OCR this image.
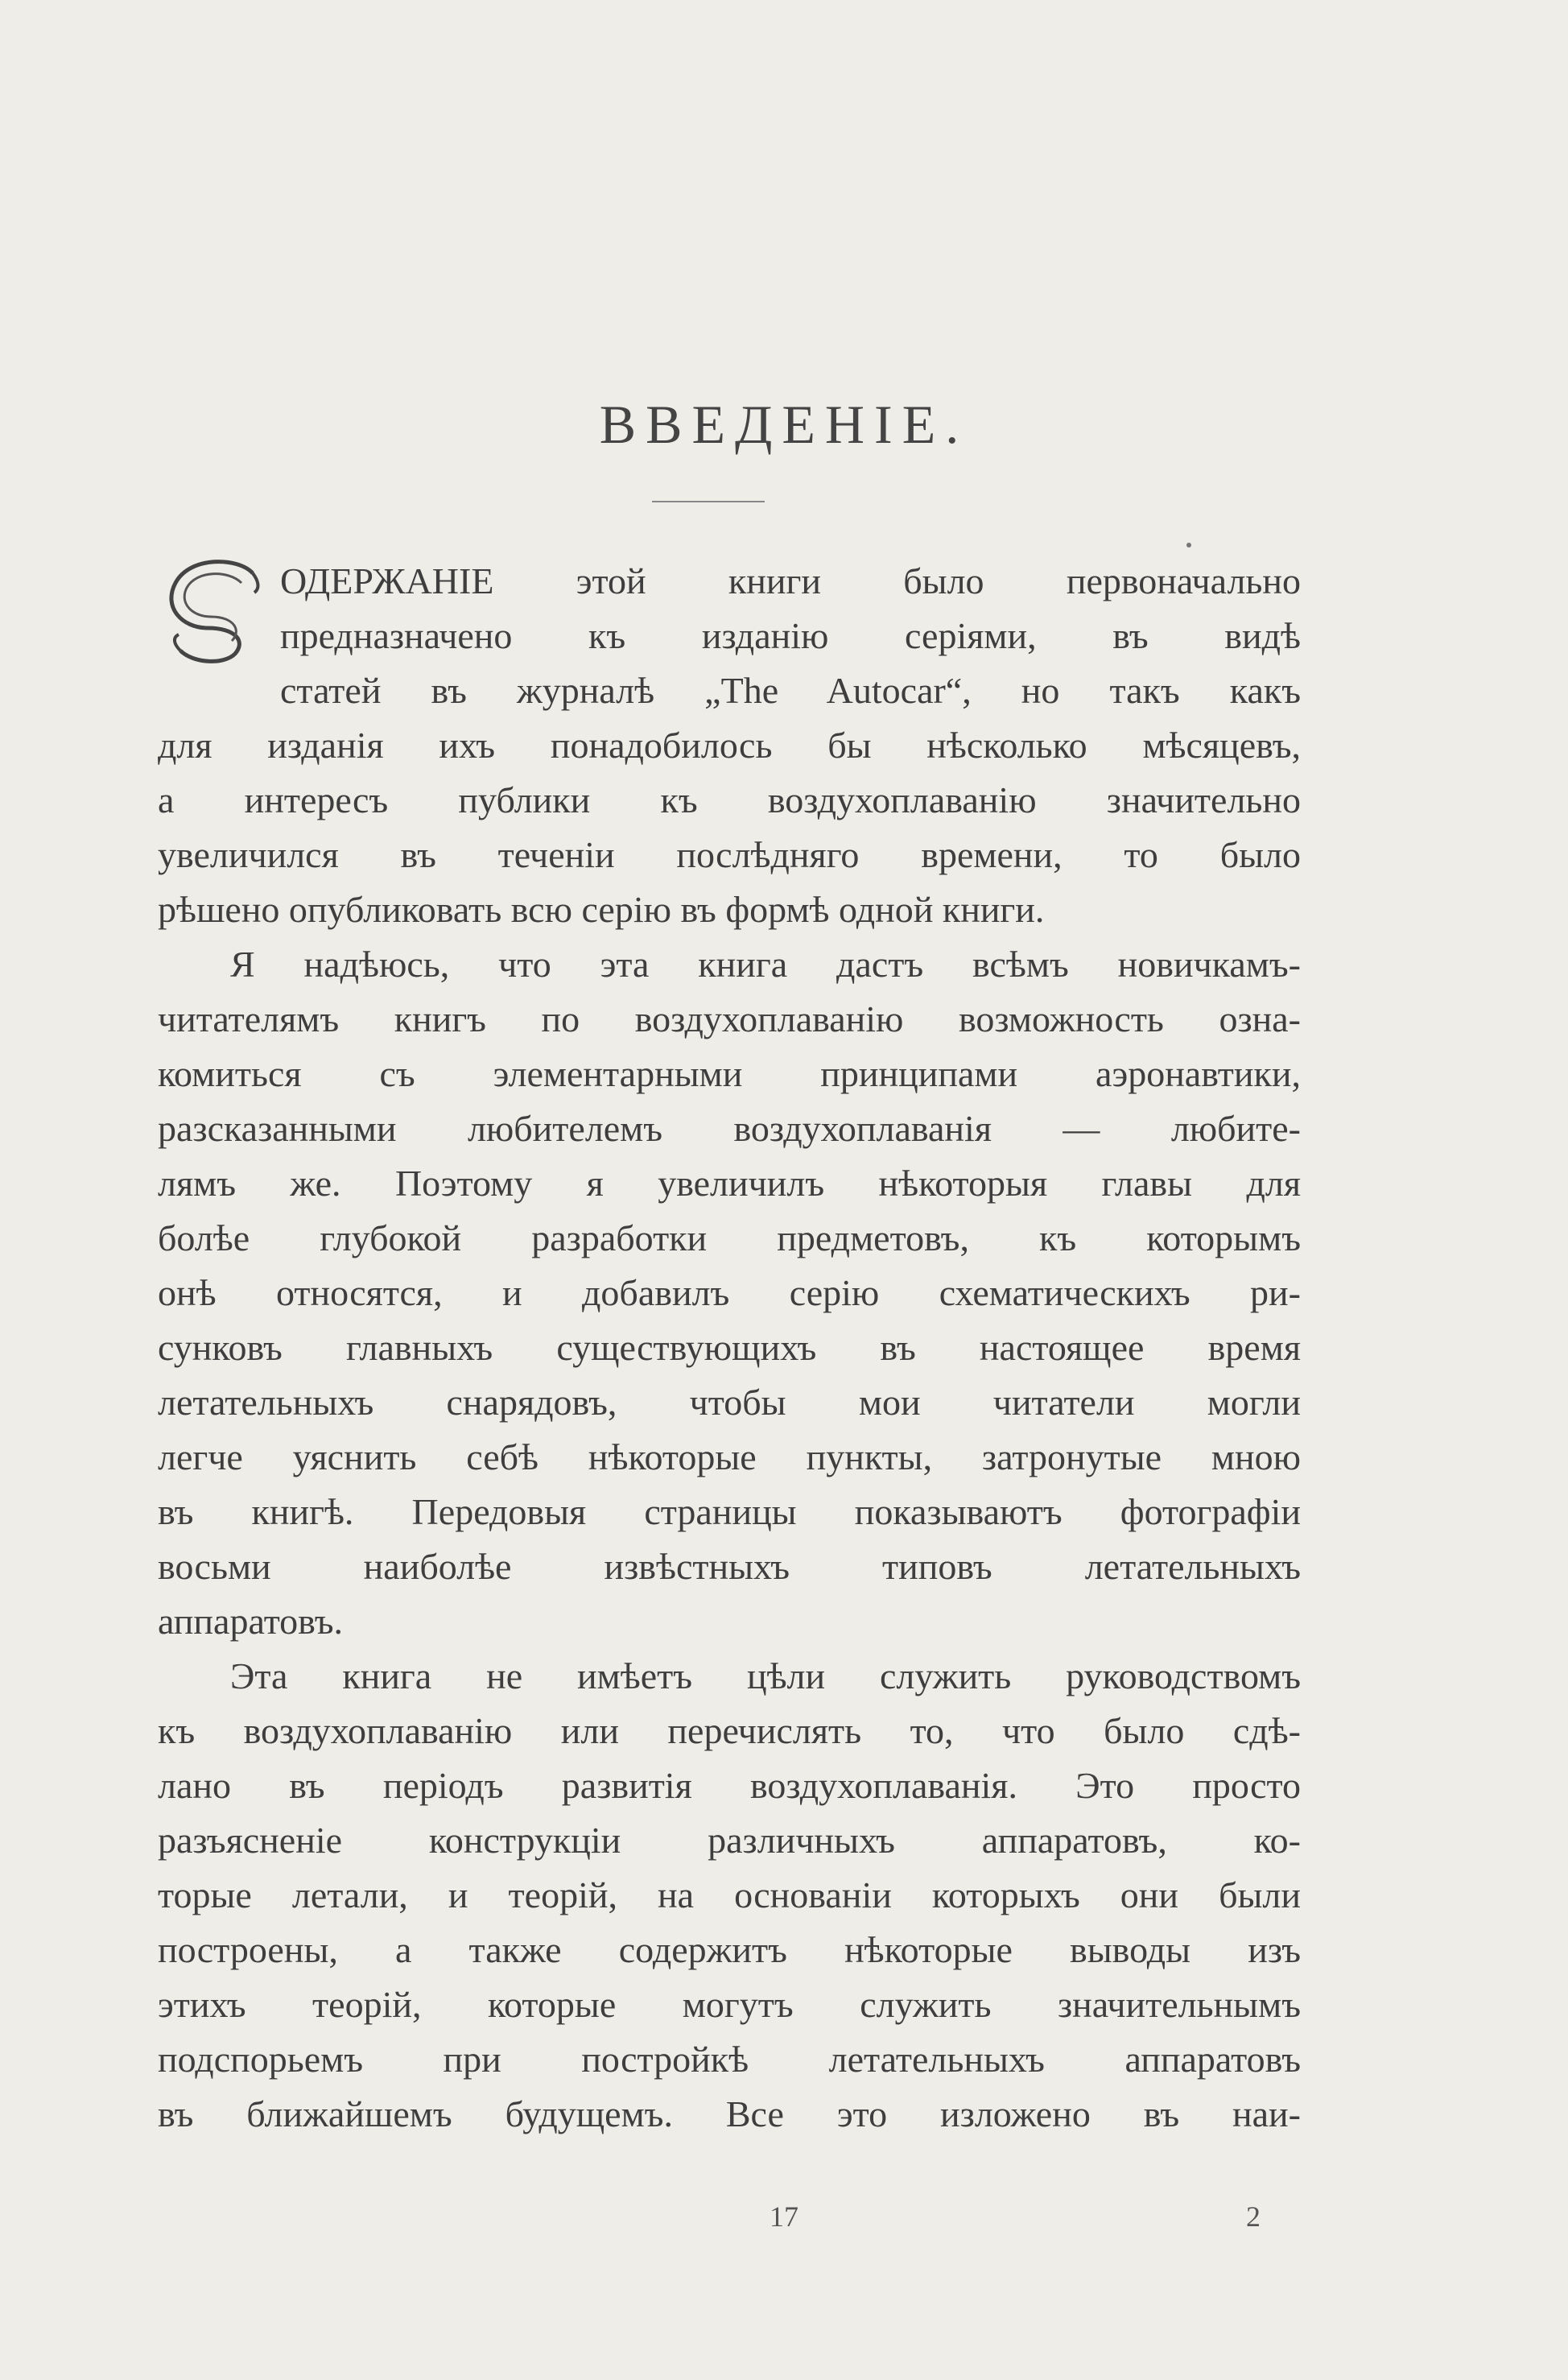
ВВЕДЕНІЕ.
ОДЕРЖАНІЕ этой книги было первоначально
предназначено къ изданію серіями, въ видѣ
статей въ журналѣ „The Autocar“, но такъ какъ
для изданія ихъ понадобилось бы нѣсколько мѣсяцевъ,
а интересъ публики къ воздухоплаванію значительно
увеличился въ теченіи послѣдняго времени, то было
рѣшено опубликовать всю серію въ формѣ одной книги.
Я надѣюсь, что эта книга дастъ всѣмъ новичкамъ-
читателямъ книгъ по воздухоплаванію возможность озна-
комиться съ элементарными принципами аэронавтики,
разсказанными любителемъ воздухоплаванія — любите-
лямъ же. Поэтому я увеличилъ нѣкоторыя главы для
болѣе глубокой разработки предметовъ, къ которымъ
онѣ относятся, и добавилъ серію схематическихъ ри-
сунковъ главныхъ существующихъ въ настоящее время
летательныхъ снарядовъ, чтобы мои читатели могли
легче уяснить себѣ нѣкоторые пункты, затронутые мною
въ книгѣ. Передовыя страницы показываютъ фотографіи
восьми наиболѣе извѣстныхъ типовъ летательныхъ
аппаратовъ.
Эта книга не имѣетъ цѣли служить руководствомъ
къ воздухоплаванію или перечислять то, что было сдѣ-
лано въ періодъ развитія воздухоплаванія. Это просто
разъясненіе конструкціи различныхъ аппаратовъ, ко-
торые летали, и теорій, на основаніи которыхъ они были
построены, а также содержитъ нѣкоторые выводы изъ
этихъ теорій, которые могутъ служить значительнымъ
подспорьемъ при постройкѣ летательныхъ аппаратовъ
въ ближайшемъ будущемъ. Все это изложено въ наи-
17	2
